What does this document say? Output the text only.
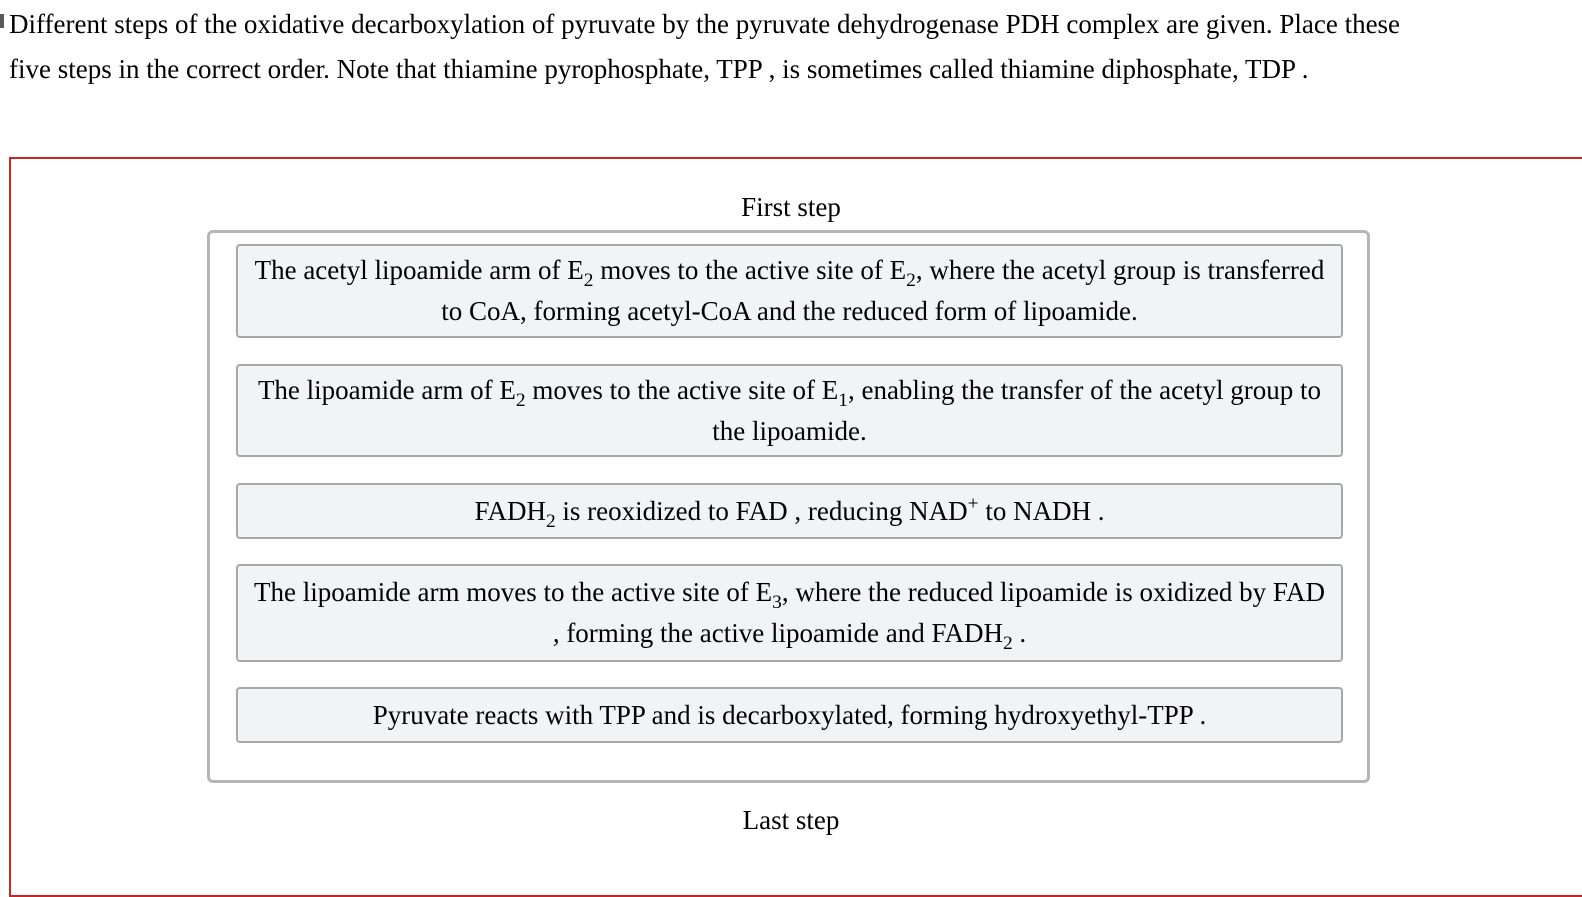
Different steps of the oxidative decarboxylation of pyruvate by the pyruvate dehydrogenase PDH complex are given. Place these
five steps in the correct order. Note that thiamine pyrophosphate, TPP , is sometimes called thiamine diphosphate, TDP .
First step
The acetyl lipoamide arm of $E_2$ moves to the active site of $E_2$, where the acetyl group is transferred to CoA, forming acetyl-CoA and the reduced form of lipoamide.
The lipoamide arm of $E_2$ moves to the active site of $E_1$, enabling the transfer of the acetyl group to the lipoamide.
$FADH_2$ is reoxidized to FAD , reducing NAD+ to NADH .
The lipoamide arm moves to the active site of $E_3$, where the reduced lipoamide is oxidized by FAD , forming the active lipoamide and $FADH_2$ .
Pyruvate reacts with TPP and is decarboxylated, forming hydroxyethyl-TPP .
Last step
